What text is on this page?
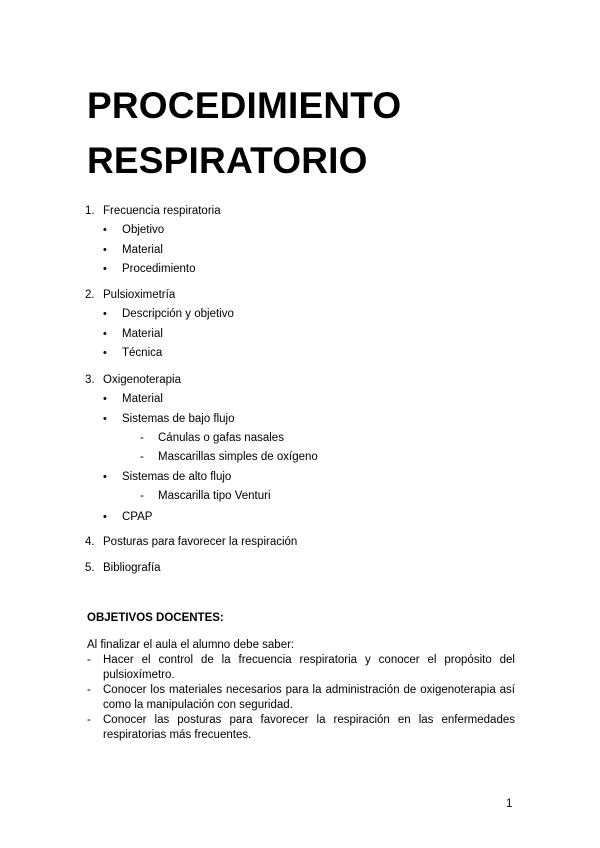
PROCEDIMIENTO
RESPIRATORIO
1. Frecuencia respiratoria
• Objetivo
• Material
• Procedimiento
2. Pulsioximetría
• Descripción y objetivo
• Material
• Técnica
3. Oxigenoterapia
• Material
• Sistemas de bajo flujo
- Cánulas o gafas nasales
- Mascarillas simples de oxígeno
• Sistemas de alto flujo
- Mascarilla tipo Venturi
• CPAP
4. Posturas para favorecer la respiración
5. Bibliografía
OBJETIVOS DOCENTES:
Al finalizar el aula el alumno debe saber:
- Hacer el control de la frecuencia respiratoria y conocer el propósito del pulsioxímetro.
- Conocer los materiales necesarios para la administración de oxigenoterapia así como la manipulación con seguridad.
- Conocer las posturas para favorecer la respiración en las enfermedades respiratorias más frecuentes.
1
